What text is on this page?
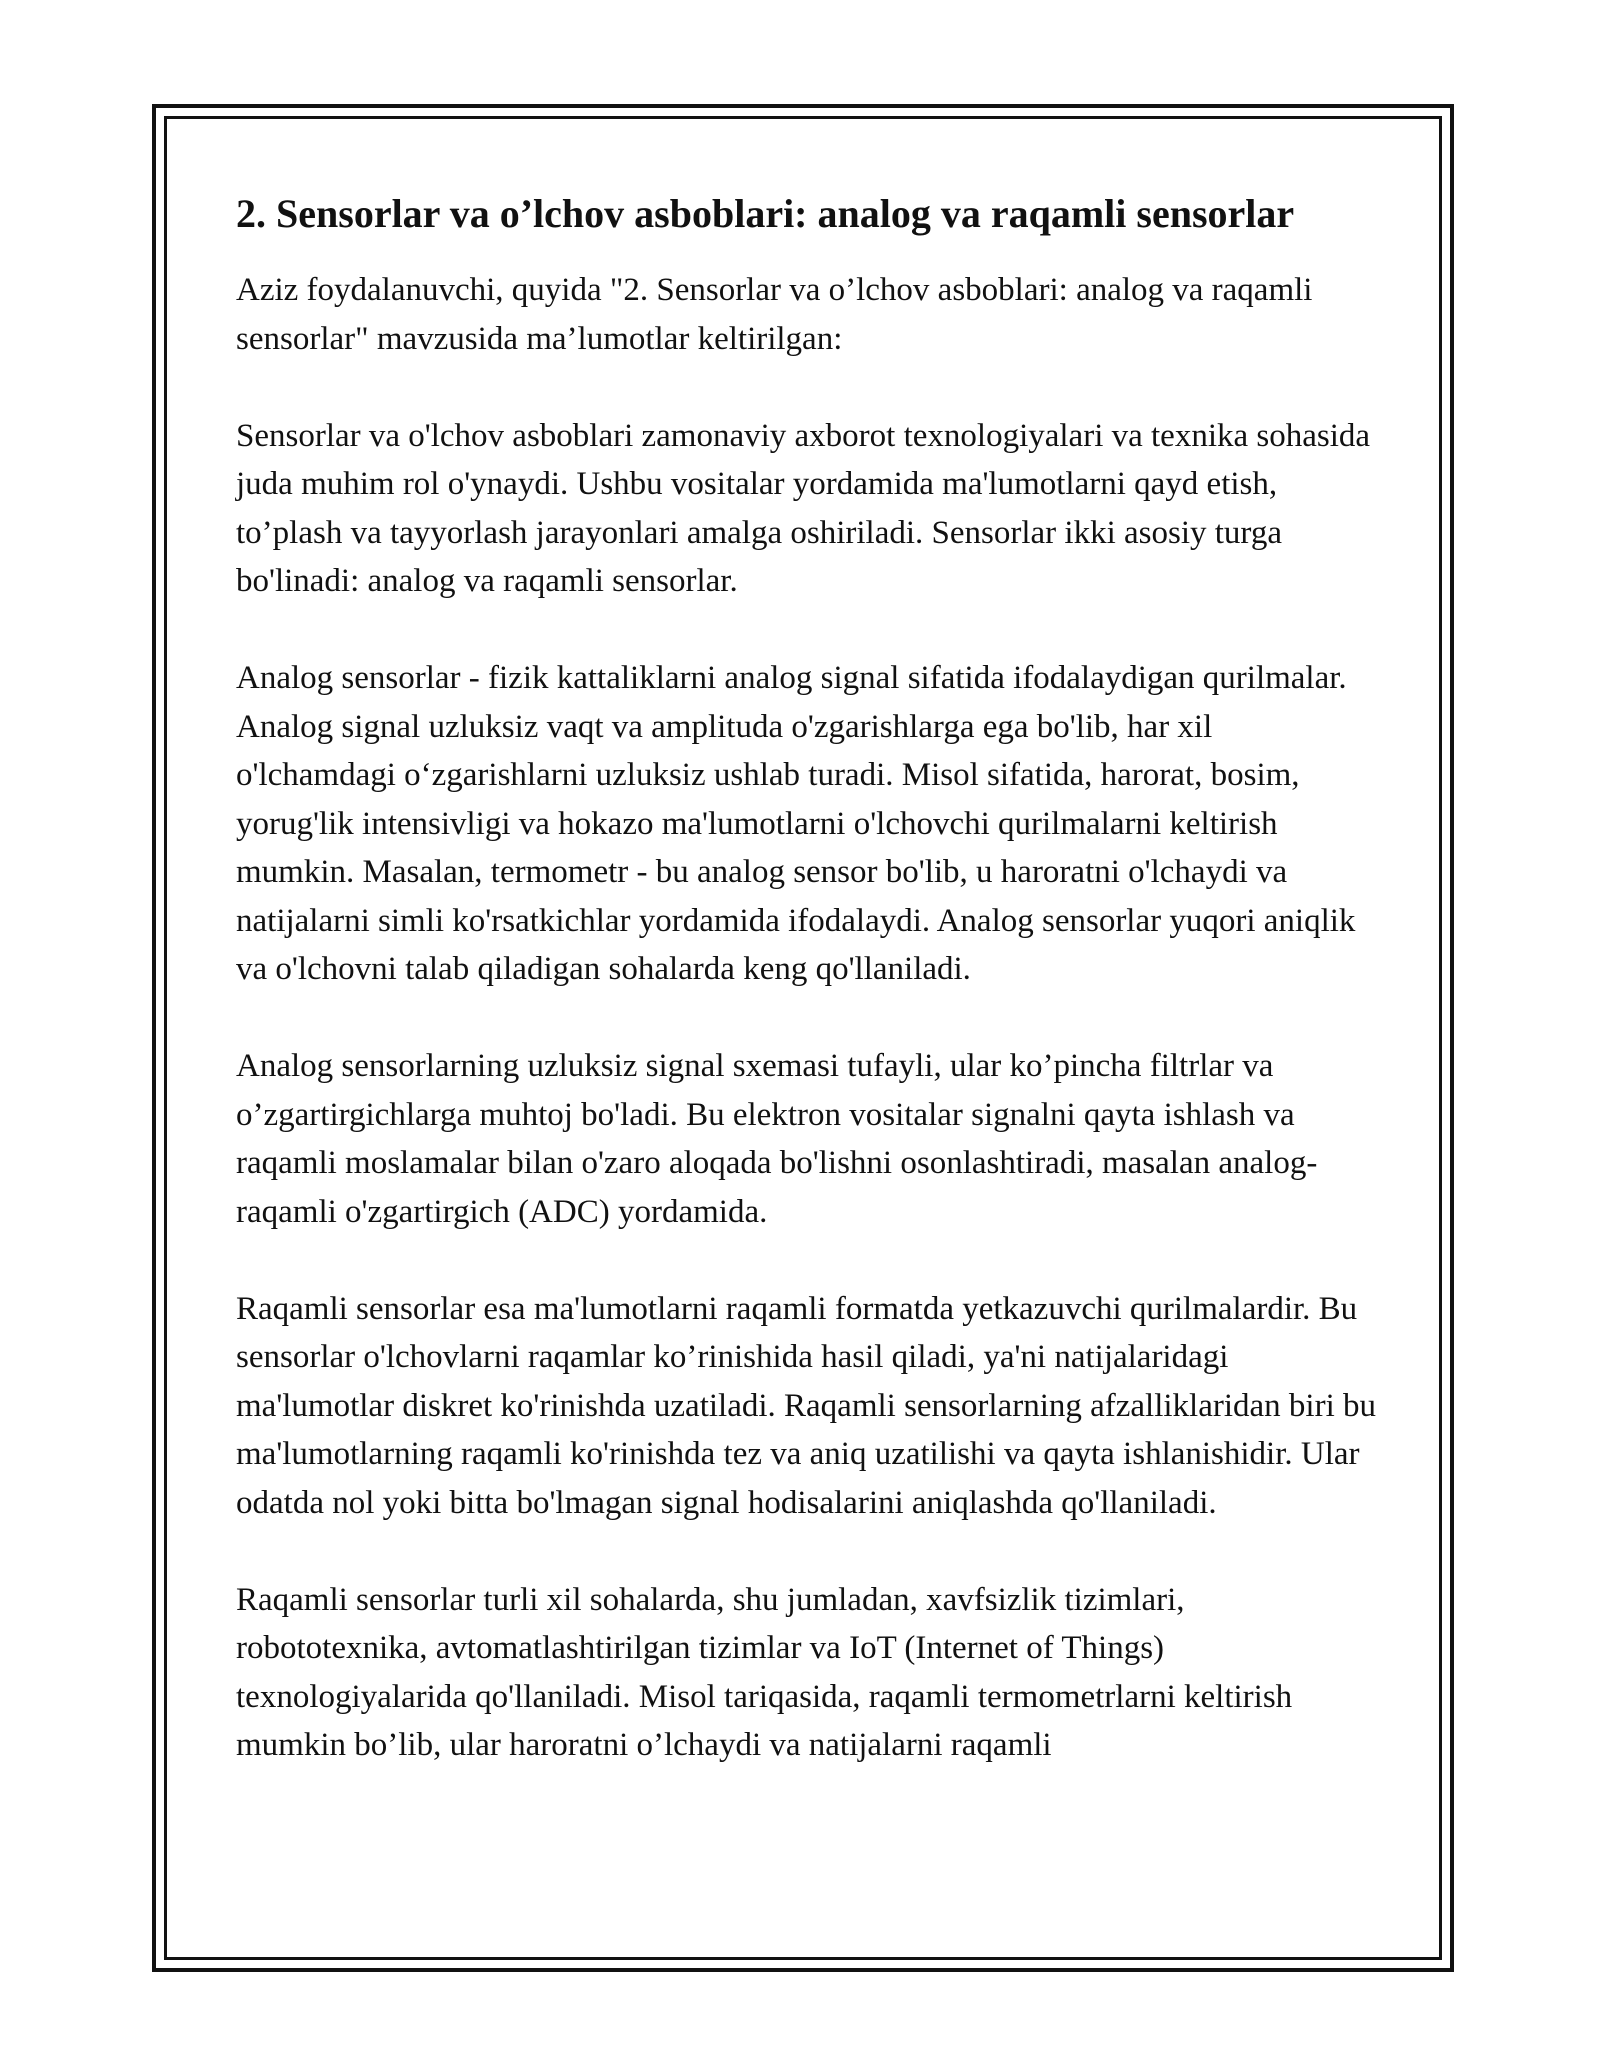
2. Sensorlar va o’lchov asboblari: analog va raqamli sensorlar

Aziz foydalanuvchi, quyida "2. Sensorlar va o’lchov asboblari: analog va raqamli sensorlar" mavzusida ma’lumotlar keltirilgan:

Sensorlar va o'lchov asboblari zamonaviy axborot texnologiyalari va texnika sohasida juda muhim rol o'ynaydi. Ushbu vositalar yordamida ma'lumotlarni qayd etish, to’plash va tayyorlash jarayonlari amalga oshiriladi. Sensorlar ikki asosiy turga bo'linadi: analog va raqamli sensorlar.

Analog sensorlar - fizik kattaliklarni analog signal sifatida ifodalaydigan qurilmalar. Analog signal uzluksiz vaqt va amplituda o'zgarishlarga ega bo'lib, har xil o'lchamdagi o‘zgarishlarni uzluksiz ushlab turadi. Misol sifatida, harorat, bosim, yorug'lik intensivligi va hokazo ma'lumotlarni o'lchovchi qurilmalarni keltirish mumkin. Masalan, termometr - bu analog sensor bo'lib, u haroratni o'lchaydi va natijalarni simli ko'rsatkichlar yordamida ifodalaydi. Analog sensorlar yuqori aniqlik va o'lchovni talab qiladigan sohalarda keng qo'llaniladi.

Analog sensorlarning uzluksiz signal sxemasi tufayli, ular ko’pincha filtrlar va o’zgartirgichlarga muhtoj bo'ladi. Bu elektron vositalar signalni qayta ishlash va raqamli moslamalar bilan o'zaro aloqada bo'lishni osonlashtiradi, masalan analog-raqamli o'zgartirgich (ADC) yordamida.

Raqamli sensorlar esa ma'lumotlarni raqamli formatda yetkazuvchi qurilmalardir. Bu sensorlar o'lchovlarni raqamlar ko’rinishida hasil qiladi, ya'ni natijalaridagi ma'lumotlar diskret ko'rinishda uzatiladi. Raqamli sensorlarning afzalliklaridan biri bu ma'lumotlarning raqamli ko'rinishda tez va aniq uzatilishi va qayta ishlanishidir. Ular odatda nol yoki bitta bo'lmagan signal hodisalarini aniqlashda qo'llaniladi.

Raqamli sensorlar turli xil sohalarda, shu jumladan, xavfsizlik tizimlari, robototexnika, avtomatlashtirilgan tizimlar va IoT (Internet of Things) texnologiyalarida qo'llaniladi. Misol tariqasida, raqamli termometrlarni keltirish mumkin bo’lib, ular haroratni o’lchaydi va natijalarni raqamli
